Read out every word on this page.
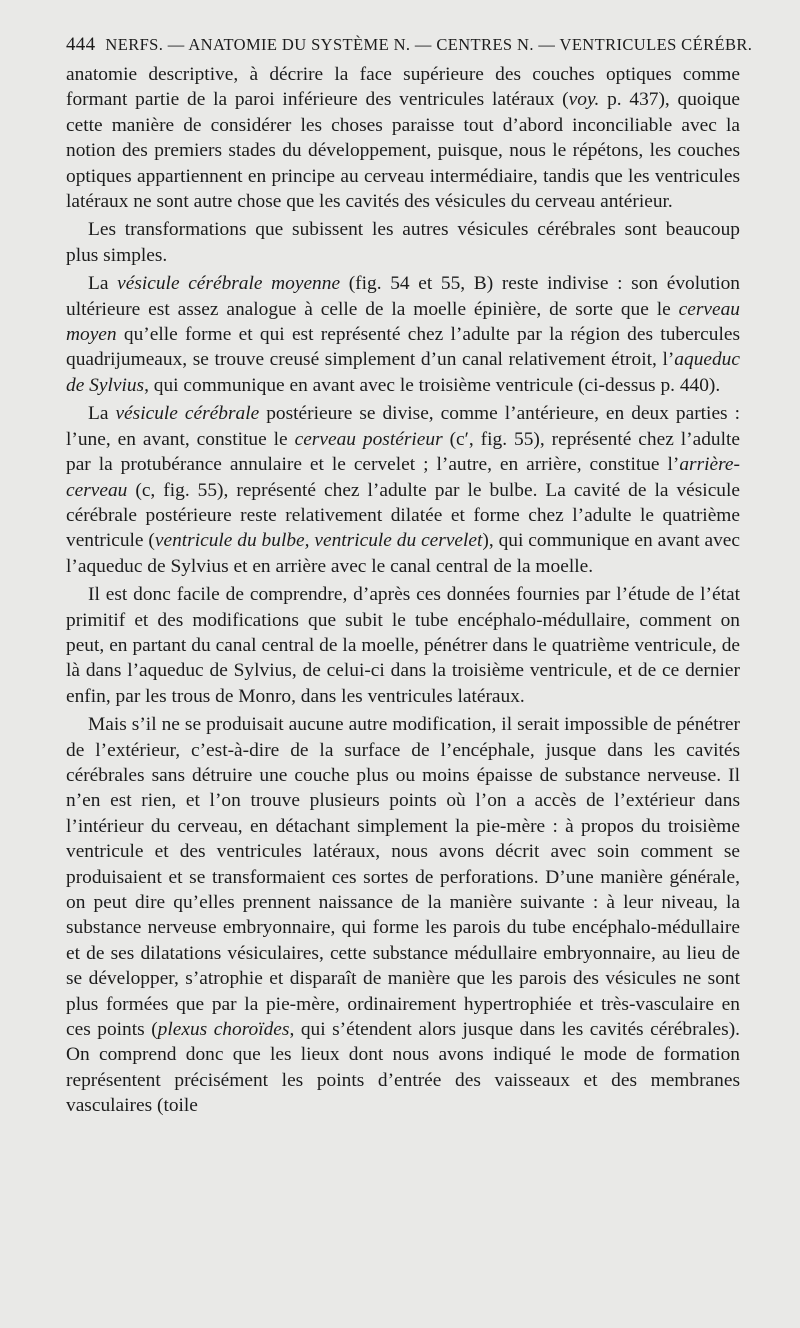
444 NERFS. — ANATOMIE DU SYSTÈME N. — CENTRES N. — VENTRICULES CÉRÉBR.

anatomie descriptive, à décrire la face supérieure des couches optiques comme formant partie de la paroi inférieure des ventricules latéraux (voy. p. 437), quoique cette manière de considérer les choses paraisse tout d’abord inconciliable avec la notion des premiers stades du développement, puisque, nous le répétons, les couches optiques appartiennent en principe au cerveau intermédiaire, tandis que les ventricules latéraux ne sont autre chose que les cavités des vésicules du cerveau antérieur.

Les transformations que subissent les autres vésicules cérébrales sont beaucoup plus simples.

La vésicule cérébrale moyenne (fig. 54 et 55, B) reste indivise : son évolution ultérieure est assez analogue à celle de la moelle épinière, de sorte que le cerveau moyen qu’elle forme et qui est représenté chez l’adulte par la région des tubercules quadrijumeaux, se trouve creusé simplement d’un canal relativement étroit, l’aqueduc de Sylvius, qui communique en avant avec le troisième ventricule (ci-dessus p. 440).

La vésicule cérébrale postérieure se divise, comme l’antérieure, en deux parties : l’une, en avant, constitue le cerveau postérieur (c′, fig. 55), représenté chez l’adulte par la protubérance annulaire et le cervelet ; l’autre, en arrière, constitue l’arrière-cerveau (c, fig. 55), représenté chez l’adulte par le bulbe. La cavité de la vésicule cérébrale postérieure reste relativement dilatée et forme chez l’adulte le quatrième ventricule (ventricule du bulbe, ventricule du cervelet), qui communique en avant avec l’aqueduc de Sylvius et en arrière avec le canal central de la moelle.

Il est donc facile de comprendre, d’après ces données fournies par l’étude de l’état primitif et des modifications que subit le tube encéphalo-médullaire, comment on peut, en partant du canal central de la moelle, pénétrer dans le quatrième ventricule, de là dans l’aqueduc de Sylvius, de celui-ci dans la troisième ventricule, et de ce dernier enfin, par les trous de Monro, dans les ventricules latéraux.

Mais s’il ne se produisait aucune autre modification, il serait impossible de pénétrer de l’extérieur, c’est-à-dire de la surface de l’encéphale, jusque dans les cavités cérébrales sans détruire une couche plus ou moins épaisse de substance nerveuse. Il n’en est rien, et l’on trouve plusieurs points où l’on a accès de l’extérieur dans l’intérieur du cerveau, en détachant simplement la pie-mère : à propos du troisième ventricule et des ventricules latéraux, nous avons décrit avec soin comment se produisaient et se transformaient ces sortes de perforations. D’une manière générale, on peut dire qu’elles prennent naissance de la manière suivante : à leur niveau, la substance nerveuse embryonnaire, qui forme les parois du tube encéphalo-médullaire et de ses dilatations vésiculaires, cette substance médullaire embryonnaire, au lieu de se développer, s’atrophie et disparaît de manière que les parois des vésicules ne sont plus formées que par la pie-mère, ordinairement hypertrophiée et très-vasculaire en ces points (plexus choroïdes, qui s’étendent alors jusque dans les cavités cérébrales). On comprend donc que les lieux dont nous avons indiqué le mode de formation représentent précisément les points d’entrée des vaisseaux et des membranes vasculaires (toile
